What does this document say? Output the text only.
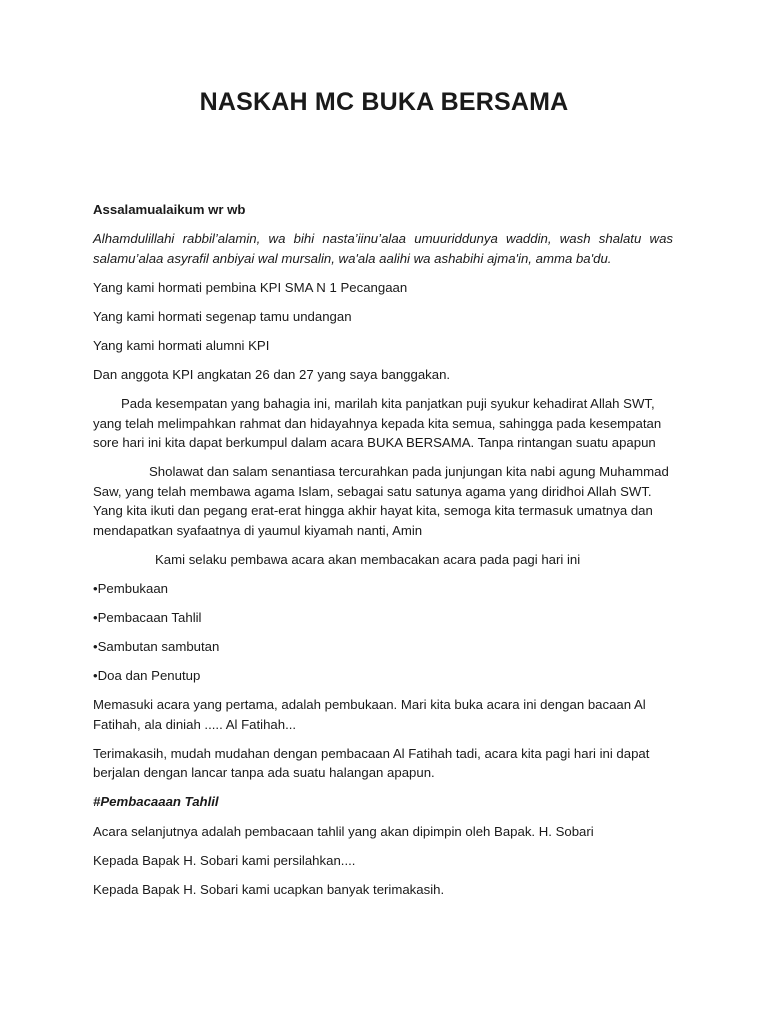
NASKAH MC BUKA BERSAMA

Assalamualaikum wr wb

Alhamdulillahi rabbil’alamin, wa bihi nasta’iinu’alaa umuuriddunya waddin, wash shalatu was salamu’alaa asyrafil anbiyai wal mursalin, wa'ala aalihi wa ashabihi ajma'in, amma ba'du.

Yang kami hormati pembina KPI SMA N 1 Pecangaan

Yang kami hormati segenap tamu undangan

Yang kami hormati alumni KPI

Dan anggota KPI angkatan 26 dan 27 yang saya banggakan.

Pada kesempatan yang bahagia ini, marilah kita panjatkan puji syukur kehadirat Allah SWT, yang telah melimpahkan rahmat dan hidayahnya kepada kita semua, sahingga pada kesempatan sore hari ini kita dapat berkumpul dalam acara BUKA BERSAMA. Tanpa rintangan suatu apapun

Sholawat dan salam senantiasa tercurahkan pada junjungan kita nabi agung Muhammad Saw, yang telah membawa agama Islam, sebagai satu satunya agama yang diridhoi Allah SWT. Yang kita ikuti dan pegang erat-erat hingga akhir hayat kita, semoga kita termasuk umatnya dan mendapatkan syafaatnya di yaumul kiyamah nanti, Amin

Kami selaku pembawa acara akan membacakan acara pada pagi hari ini

•Pembukaan

•Pembacaan Tahlil

•Sambutan sambutan

•Doa dan Penutup

Memasuki acara yang pertama, adalah pembukaan. Mari kita buka acara ini dengan bacaan Al Fatihah, ala diniah ..... Al Fatihah...

Terimakasih, mudah mudahan dengan pembacaan Al Fatihah tadi, acara kita pagi hari ini dapat berjalan dengan lancar tanpa ada suatu halangan apapun.

#Pembacaaan Tahlil

Acara selanjutnya adalah pembacaan tahlil yang akan dipimpin oleh Bapak. H. Sobari

Kepada Bapak H. Sobari kami persilahkan....

Kepada Bapak H. Sobari kami ucapkan banyak terimakasih.
